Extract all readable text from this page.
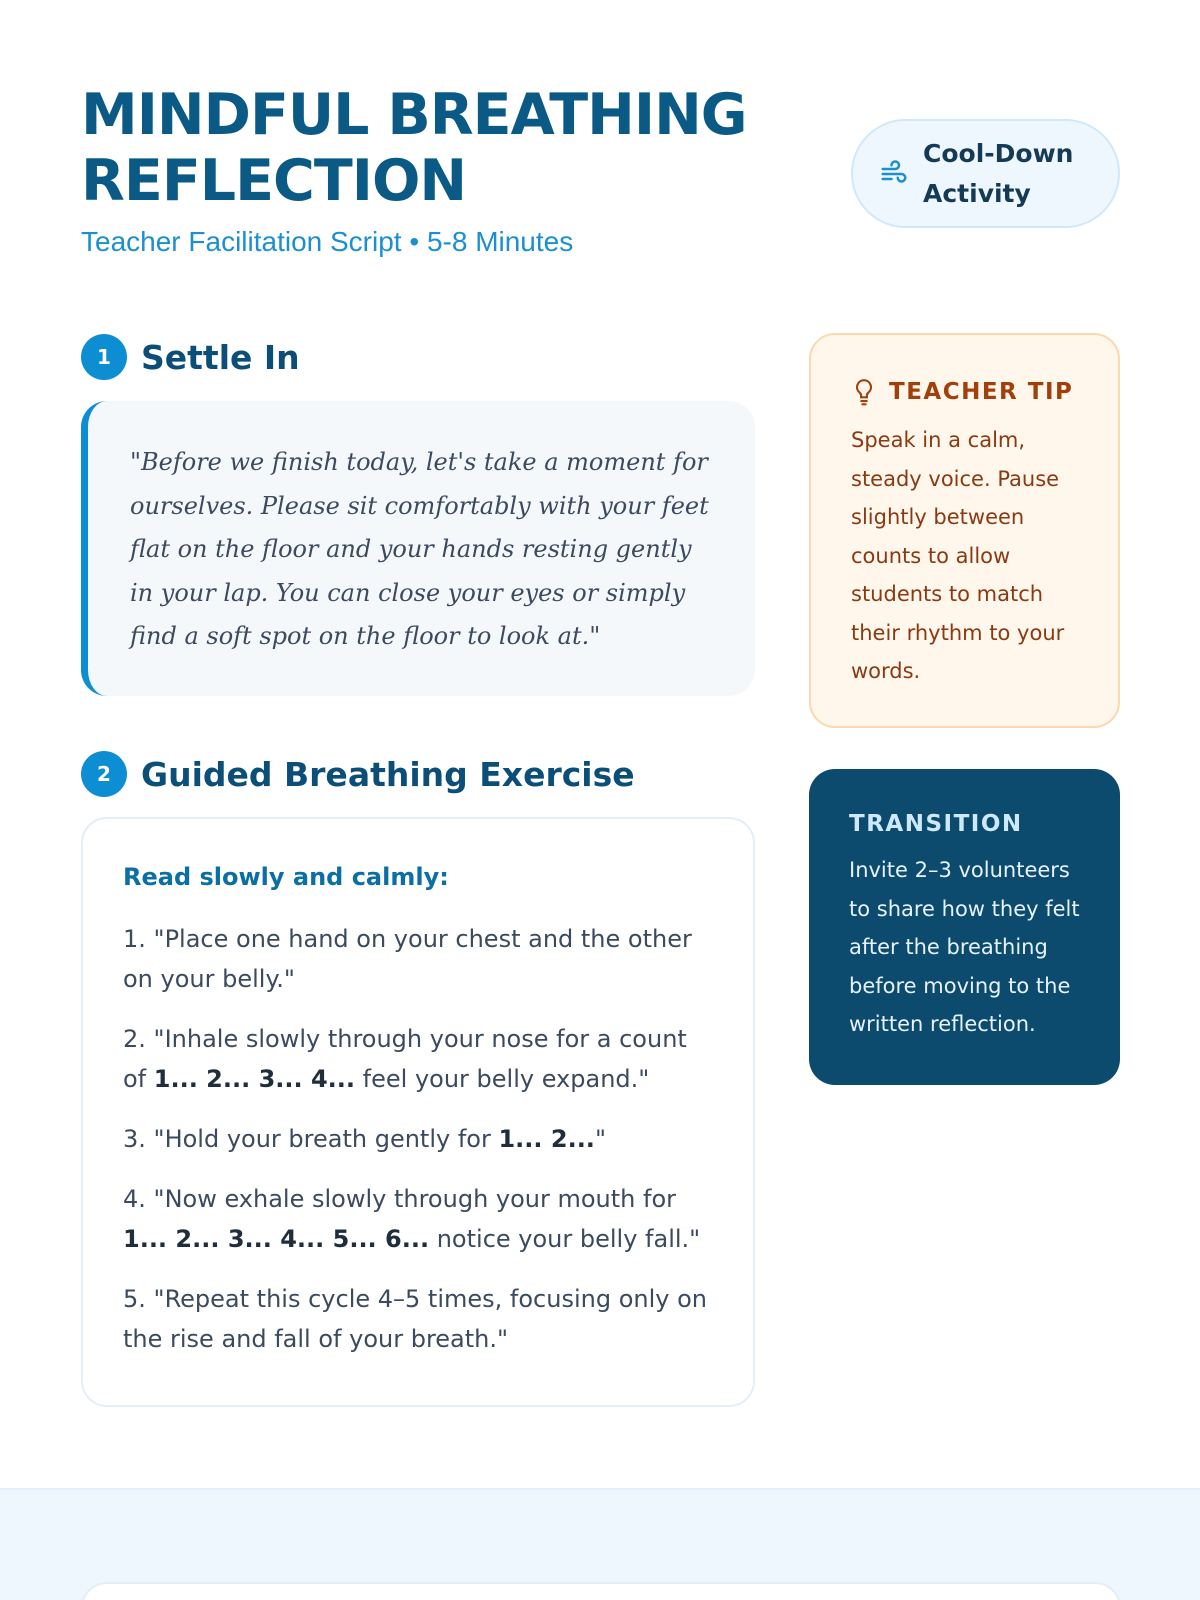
MINDFUL BREATHING
REFLECTION
Teacher Facilitation Script • 5-8 Minutes
Cool-Down Activity
1 Settle In

"Before we finish today, let's take a moment for ourselves. Please sit comfortably with your feet flat on the floor and your hands resting gently in your lap. You can close your eyes or simply find a soft spot on the floor to look at."

2 Guided Breathing Exercise
Read slowly and calmly:
1. "Place one hand on your chest and the other on your belly."
2. "Inhale slowly through your nose for a count of 1... 2... 3... 4... feel your belly expand."
3. "Hold your breath gently for 1... 2..."
4. "Now exhale slowly through your mouth for 1... 2... 3... 4... 5... 6... notice your belly fall."
5. "Repeat this cycle 4–5 times, focusing only on the rise and fall of your breath."
TEACHER TIP

Speak in a calm, steady voice. Pause slightly between counts to allow students to match their rhythm to your words.

TRANSITION

Invite 2–3 volunteers to share how they felt after the breathing before moving to the written reflection.
